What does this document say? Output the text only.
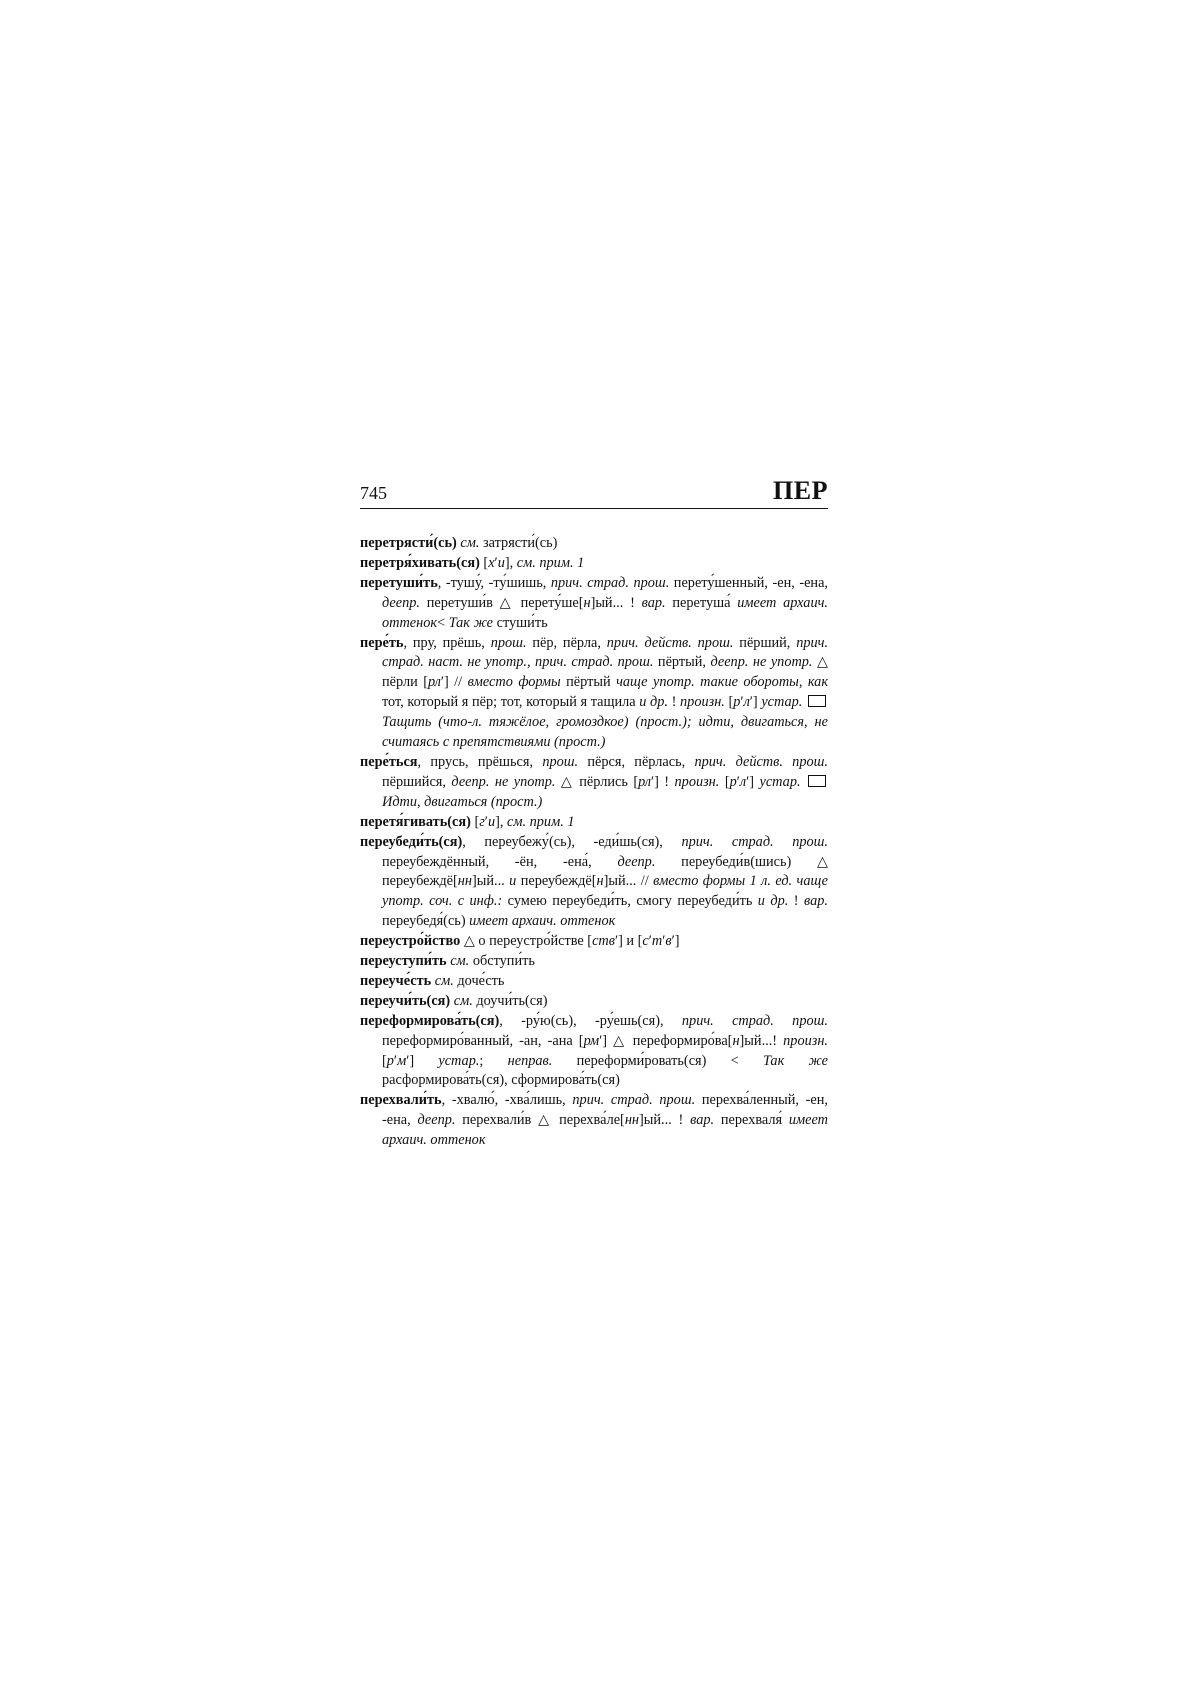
745	ПЕР

перетрясти́(сь) см. затрясти́(сь)

перетря́хивать(ся) [хʹи], см. прим. 1

перетуши́ть, -тушу́, -ту́шишь, прич. страд. прош. перету́шенный, -ен, -ена, деепр. перетуши́в △ перету́ше[н]ый... ! вар. перетуша́ имеет архаич. оттенок< Так же стуши́ть

пере́ть, пру, прёшь, прош. пёр, пёрла, прич. действ. прош. пёрший, прич. страд. наст. не употр., прич. страд. прош. пёртый, деепр. не употр. △ пёрли [рлʹ] // вместо формы пёртый чаще употр. такие обороты, как тот, который я пёр; тот, который я тащила и др. ! произн. [рʹлʹ] устар.  Тащить (что-л. тяжёлое, громоздкое) (прост.); идти, двигаться, не считаясь с препятствиями (прост.)

пере́ться, прусь, прёшься, прош. пёрся, пёрлась, прич. действ. прош. пёршийся, деепр. не употр. △ пёрлись [рлʹ] ! произн. [рʹлʹ] устар.  Идти, двигаться (прост.)

перетя́гивать(ся) [гʹи], см. прим. 1

переубеди́ть(ся), переубежу́(сь), -еди́шь(ся), прич. страд. прош. переубеждённый, -ён, -ена́, деепр. переубеди́в(шись) △ переубеждё[нн]ый... и переубеждё[н]ый... // вместо формы 1 л. ед. чаще употр. соч. с инф.: сумею переубеди́ть, смогу переубеди́ть и др. ! вар. переубедя́(сь) имеет архаич. оттенок

переустро́йство △ о переустро́йстве [ствʹ] и [сʹтʹвʹ]

переуступи́ть см. обступи́ть

переуче́сть см. доче́сть

переучи́ть(ся) см. доучи́ть(ся)

переформирова́ть(ся), -ру́ю(сь), -ру́ешь(ся), прич. страд. прош. переформиро́ванный, -ан, -ана [рмʹ] △ переформиро́ва[н]ый...! произн. [рʹмʹ] устар.; неправ. переформи́ровать(ся) < Так же расформирова́ть(ся), сформирова́ть(ся)

перехвали́ть, -хвалю́, -хва́лишь, прич. страд. прош. перехва́ленный, -ен, -ена, деепр. перехвали́в △ перехва́ле[нн]ый... ! вар. перехваля́ имеет архаич. оттенок
